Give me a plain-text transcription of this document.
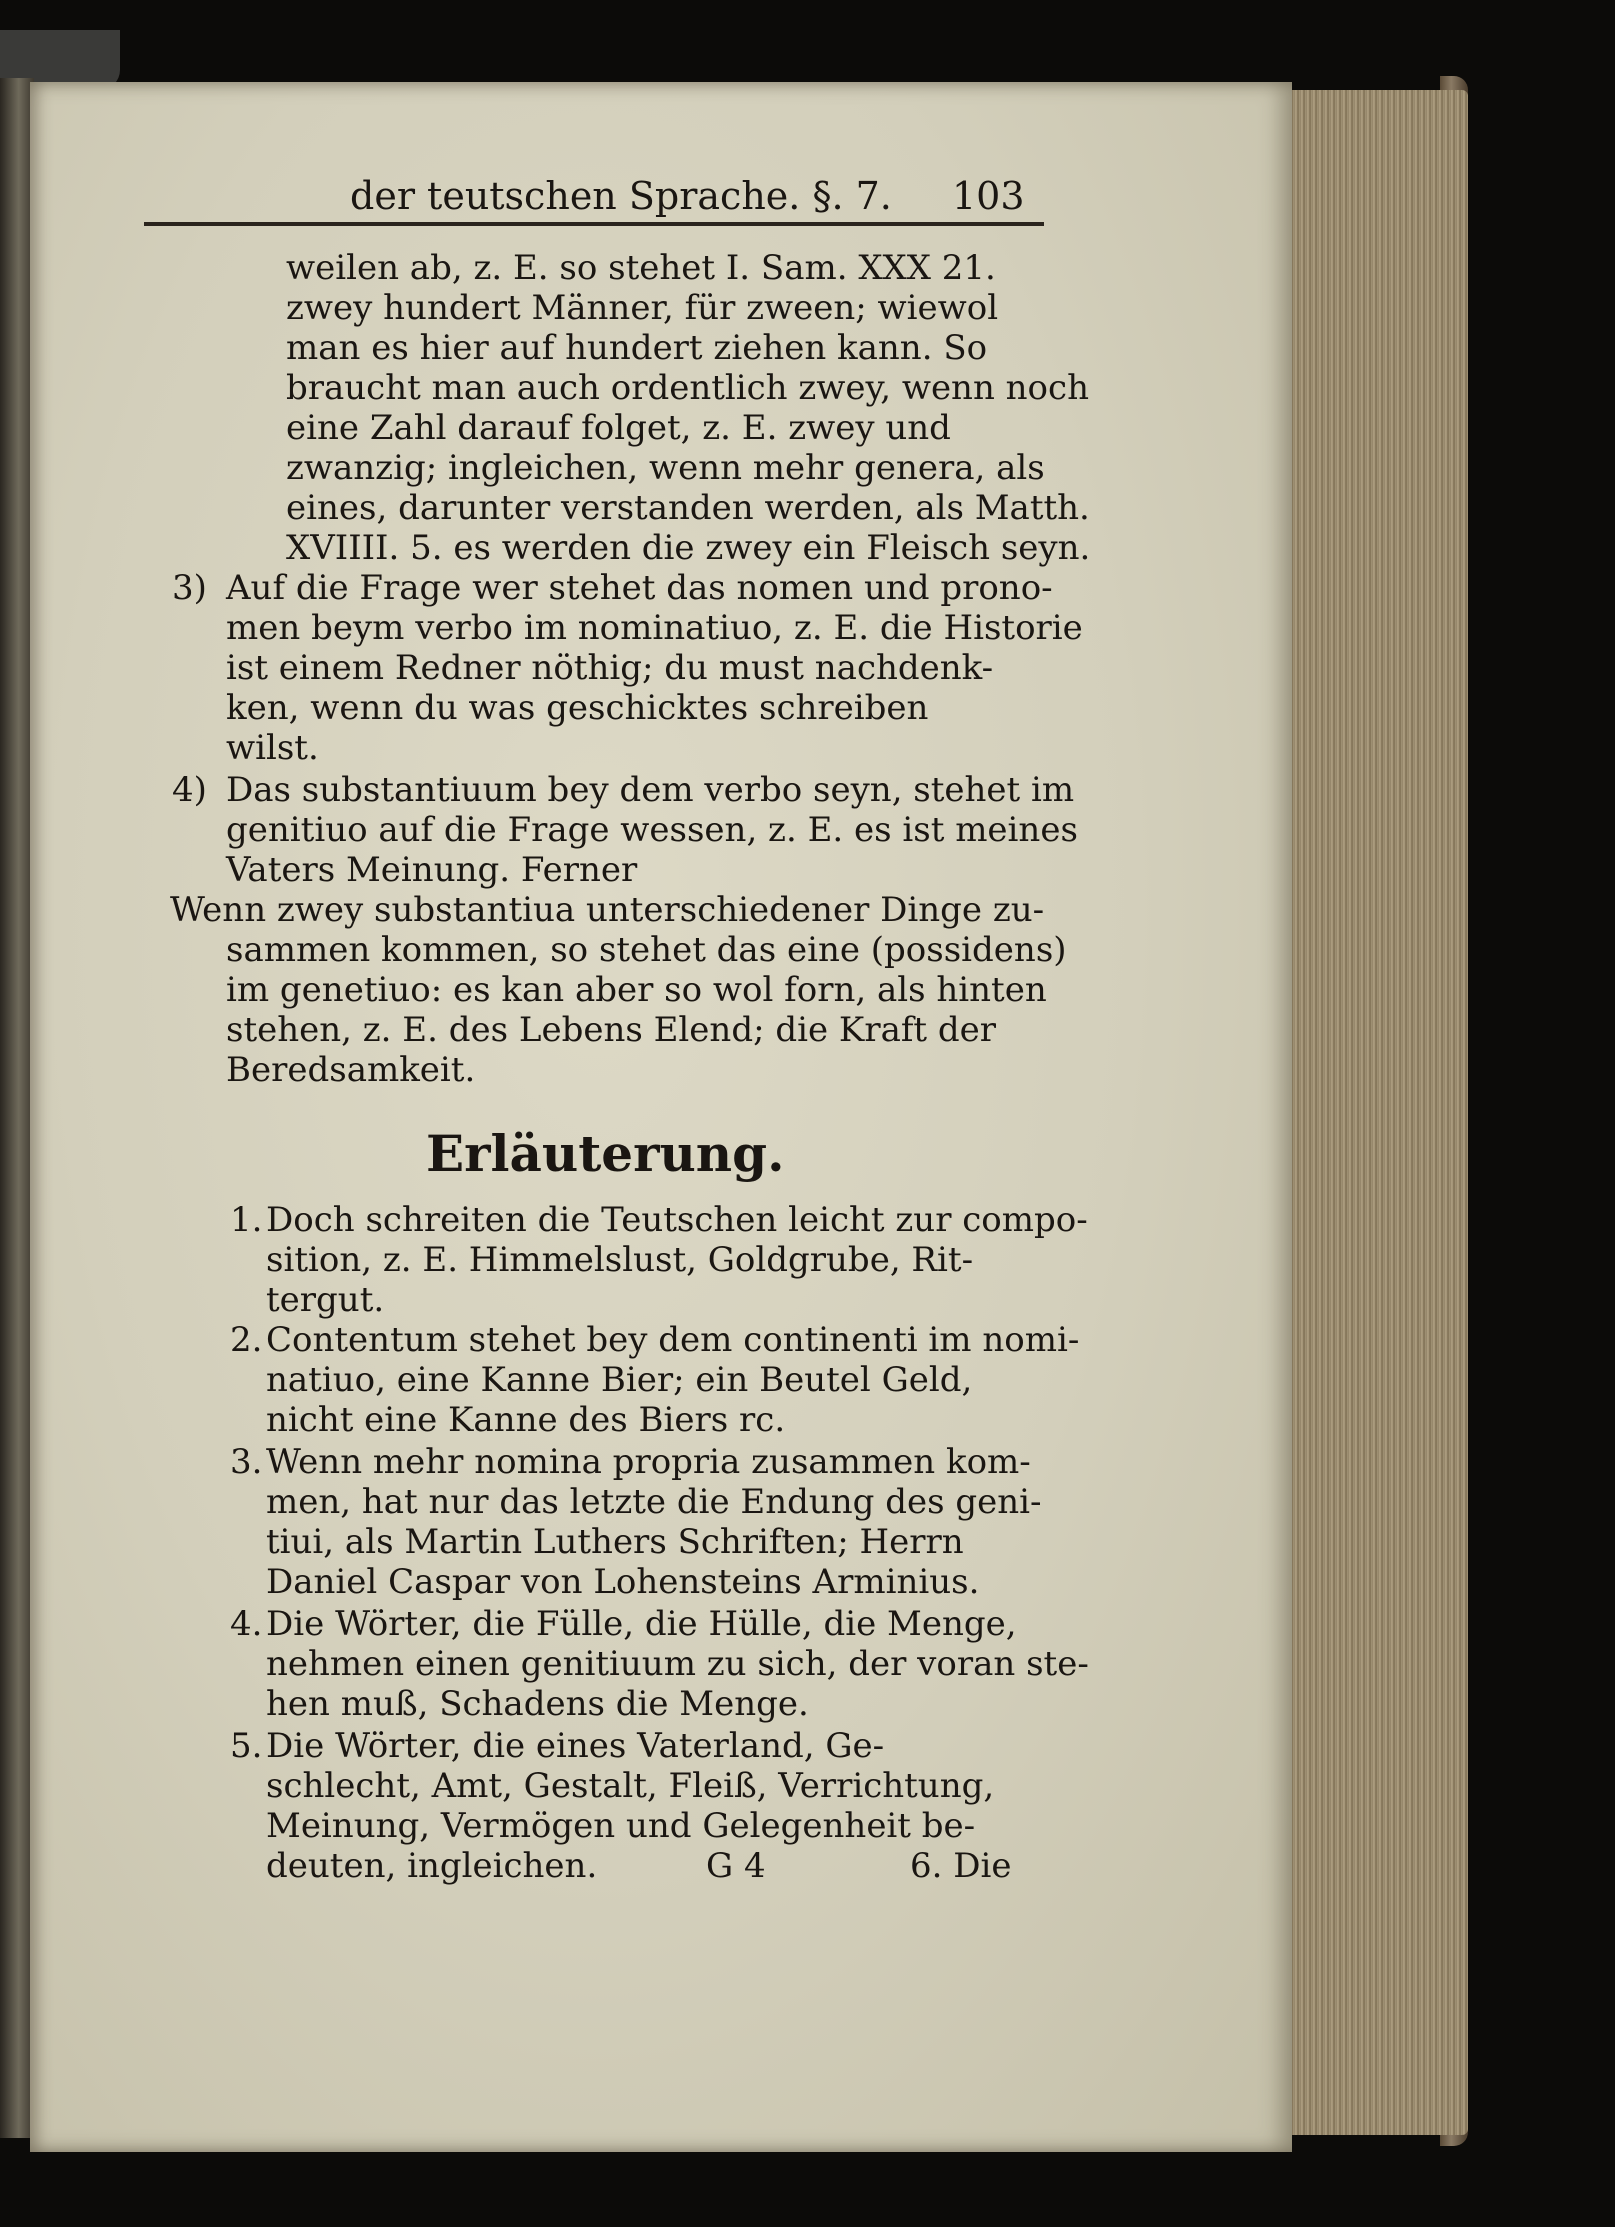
der teutschen Sprache. §. 7. 103
weilen ab, z. E. so stehet I. Sam. XXX 21.
zwey hundert Männer, für zween; wiewol
man es hier auf hundert ziehen kann. So
braucht man auch ordentlich zwey, wenn noch
eine Zahl darauf folget, z. E. zwey und
zwanzig; ingleichen, wenn mehr genera, als
eines, darunter verstanden werden, als Matth.
XVIIII. 5. es werden die zwey ein Fleisch seyn.
3) Auf die Frage wer stehet das nomen und prono-
men beym verbo im nominatiuo, z. E. die Historie
ist einem Redner nöthig; du must nachdenk-
ken, wenn du was geschicktes schreiben
wilst.
4) Das substantiuum bey dem verbo seyn, stehet im
genitiuo auf die Frage wessen, z. E. es ist meines
Vaters Meinung. Ferner
Wenn zwey substantiua unterschiedener Dinge zu-
sammen kommen, so stehet das eine (possidens)
im genetiuo: es kan aber so wol forn, als hinten
stehen, z. E. des Lebens Elend; die Kraft der
Beredsamkeit.
Erläuterung.
1. Doch schreiten die Teutschen leicht zur compo-
sition, z. E. Himmelslust, Goldgrube, Rit-
tergut.
2. Contentum stehet bey dem continenti im nomi-
natiuo, eine Kanne Bier; ein Beutel Geld,
nicht eine Kanne des Biers rc.
3. Wenn mehr nomina propria zusammen kom-
men, hat nur das letzte die Endung des geni-
tiui, als Martin Luthers Schriften; Herrn
Daniel Caspar von Lohensteins Arminius.
4. Die Wörter, die Fülle, die Hülle, die Menge,
nehmen einen genitiuum zu sich, der voran ste-
hen muß, Schadens die Menge.
5. Die Wörter, die eines Vaterland, Ge-
schlecht, Amt, Gestalt, Fleiß, Verrichtung,
Meinung, Vermögen und Gelegenheit be-
deuten, ingleichen.	G 4	6. Die
